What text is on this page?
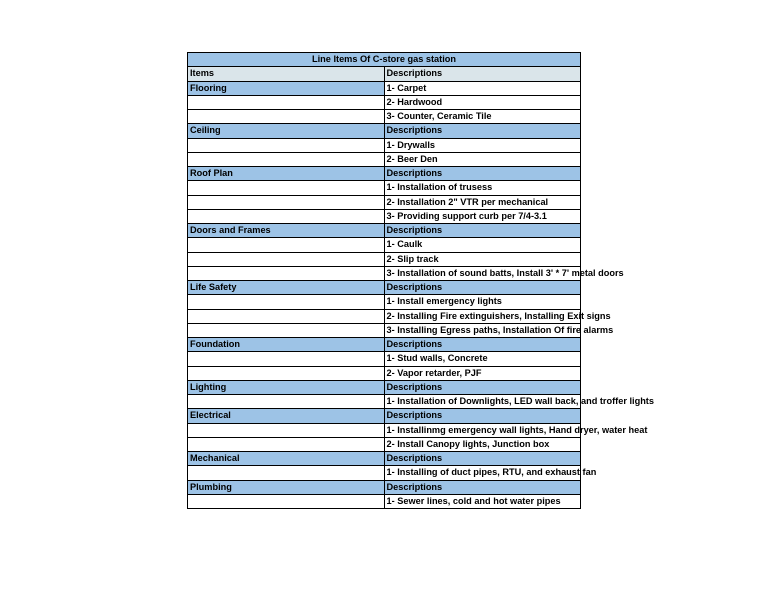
Line Items Of C-store gas station	
Items	Descriptions
Flooring	1- Carpet
	2- Hardwood
	3- Counter, Ceramic Tile
Ceiling	Descriptions
	1- Drywalls
	2- Beer Den
Roof Plan	Descriptions
	1- Installation of trusess
	2- Installation 2" VTR per mechanical
	3- Providing support curb per 7/4-3.1
Doors and Frames	Descriptions
	1- Caulk
	2- Slip track
	3- Installation of sound batts, Install 3' * 7' metal doors
Life Safety	Descriptions
	1- Install emergency lights
	2- Installing Fire extinguishers, Installing Exit signs
	3- Installing Egress paths, Installation Of fire alarms
Foundation	Descriptions
	1- Stud walls, Concrete
	2- Vapor retarder, PJF
Lighting	Descriptions
	1- Installation of Downlights, LED wall back, and troffer lights
Electrical	Descriptions
	1- Installinmg emergency wall lights, Hand dryer, water heat
	2- Install Canopy lights, Junction box
Mechanical	Descriptions
	1- Installing of duct pipes, RTU, and exhaust fan
Plumbing	Descriptions
	1- Sewer lines, cold and hot water pipes
